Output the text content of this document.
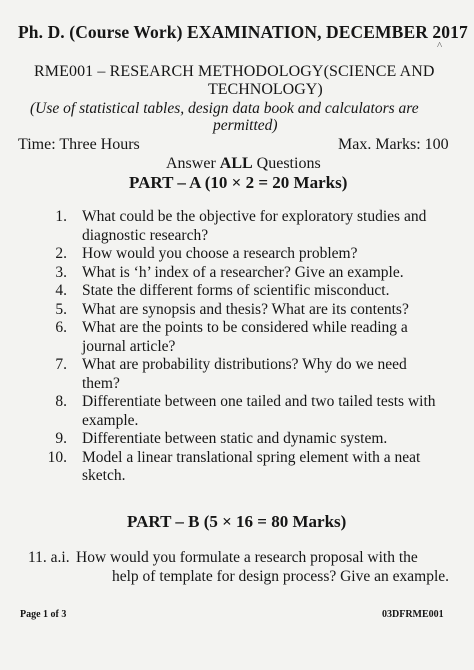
^
Ph. D. (Course Work) EXAMINATION, DECEMBER 2017
RME001 – RESEARCH METHODOLOGY(SCIENCE AND
TECHNOLOGY)
(Use of statistical tables, design data book and calculators are
permitted)
Time: Three Hours	Max. Marks: 100
Answer ALL Questions
PART – A (10 × 2 = 20 Marks)
1. What could be the objective for exploratory studies and
diagnostic research?
2. How would you choose a research problem?
3. What is ‘h’ index of a researcher? Give an example.
4. State the different forms of scientific misconduct.
5. What are synopsis and thesis? What are its contents?
6. What are the points to be considered while reading a
journal article?
7. What are probability distributions? Why do we need
them?
8. Differentiate between one tailed and two tailed tests with
example.
9. Differentiate between static and dynamic system.
10. Model a linear translational spring element with a neat
sketch.
PART – B (5 × 16 = 80 Marks)
11. a.i. How would you formulate a research proposal with the
help of template for design process? Give an example.
Page 1 of 3	03DFRME001
